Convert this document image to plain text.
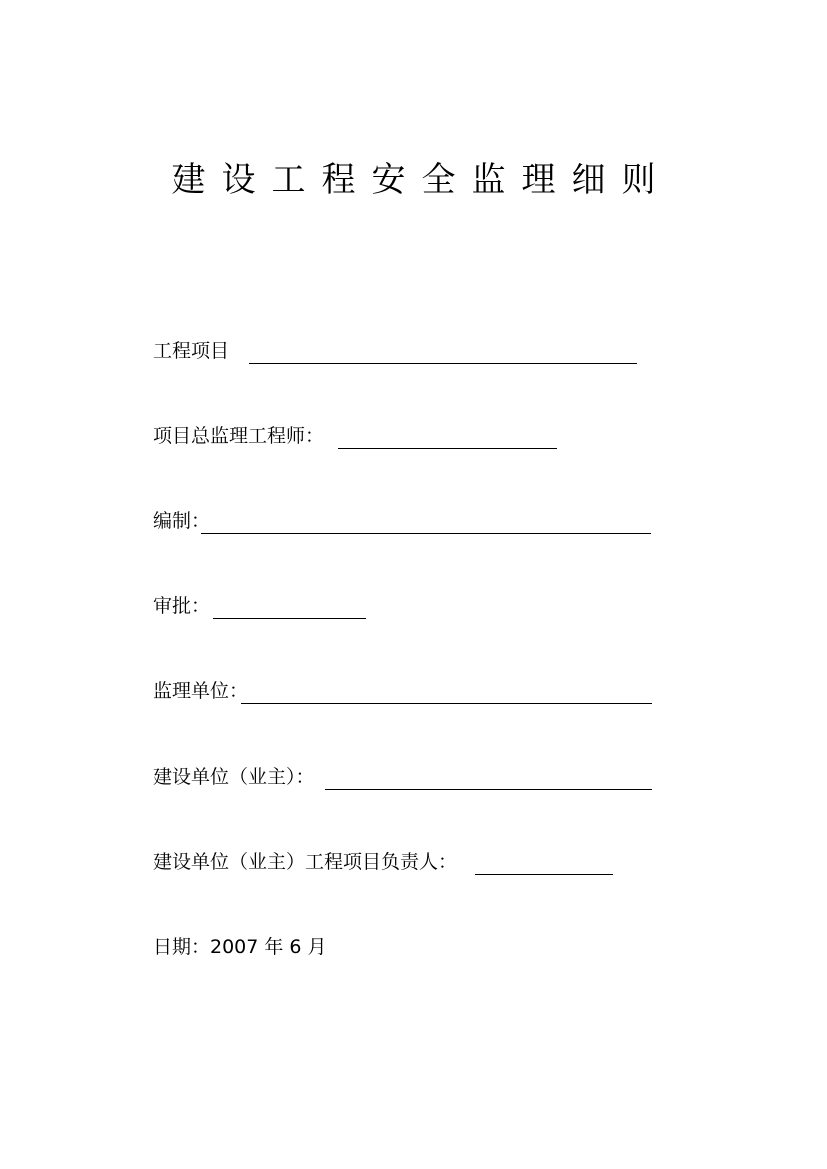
建设工程安全监理细则
工程项目
项目总监理工程师：
编制：
审批：
监理单位：
建设单位（业主）：
建设单位（业主）工程项目负责人：
日期：2007 年 6 月
